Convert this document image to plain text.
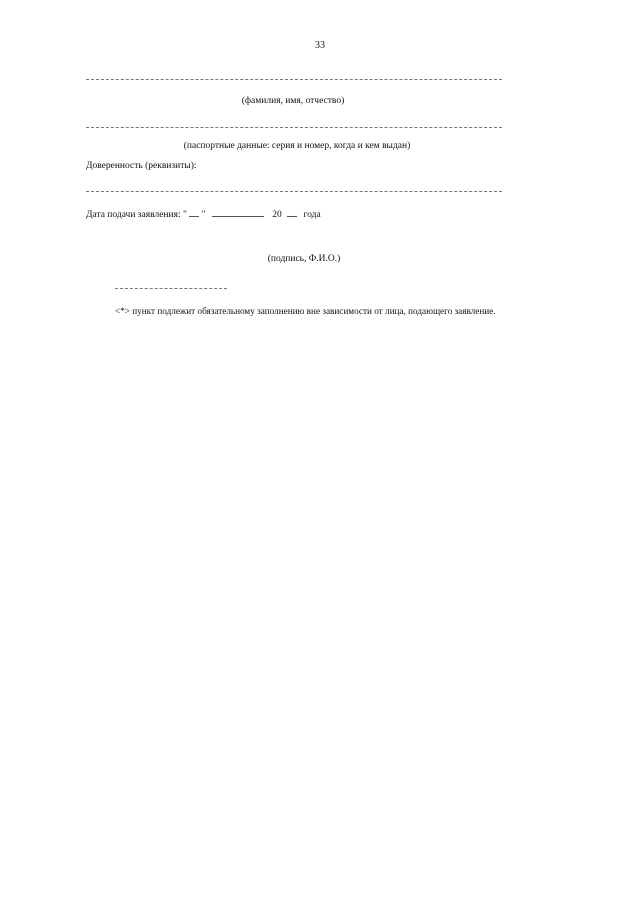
33
(фамилия, имя, отчество)
(паспортные данные: серия и номер, когда и кем выдан)
Доверенность (реквизиты):
Дата подачи заявления: " "	20 года
(подпись, Ф.И.О.)
<*> пункт подлежит обязательному заполнению вне зависимости от лица, подающего заявление.
